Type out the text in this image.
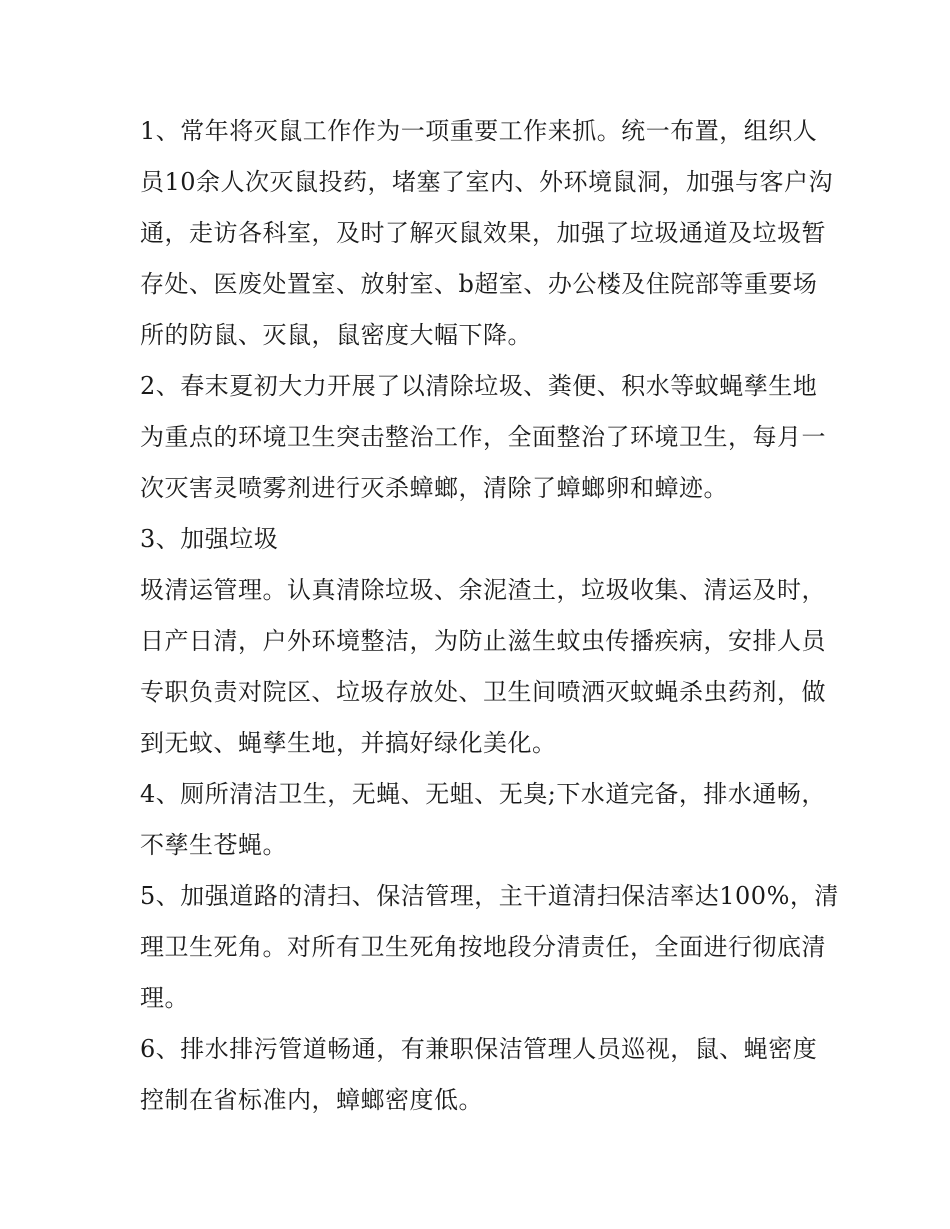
1、常年将灭鼠工作作为一项重要工作来抓。统一布置，组织人员10余人次灭鼠投药，堵塞了室内、外环境鼠洞，加强与客户沟通，走访各科室，及时了解灭鼠效果，加强了垃圾通道及垃圾暂存处、医废处置室、放射室、b超室、办公楼及住院部等重要场所的防鼠、灭鼠，鼠密度大幅下降。

2、春末夏初大力开展了以清除垃圾、粪便、积水等蚊蝇孳生地为重点的环境卫生突击整治工作，全面整治了环境卫生，每月一次灭害灵喷雾剂进行灭杀蟑螂，清除了蟑螂卵和蟑迹。

3、加强垃圾

圾清运管理。认真清除垃圾、余泥渣土，垃圾收集、清运及时，日产日清，户外环境整洁，为防止滋生蚊虫传播疾病，安排人员专职负责对院区、垃圾存放处、卫生间喷洒灭蚊蝇杀虫药剂，做到无蚊、蝇孳生地，并搞好绿化美化。

4、厕所清洁卫生，无蝇、无蛆、无臭;下水道完备，排水通畅，不孳生苍蝇。

5、加强道路的清扫、保洁管理，主干道清扫保洁率达100%，清理卫生死角。对所有卫生死角按地段分清责任，全面进行彻底清理。

6、排水排污管道畅通，有兼职保洁管理人员巡视，鼠、蝇密度控制在省标准内，蟑螂密度低。
